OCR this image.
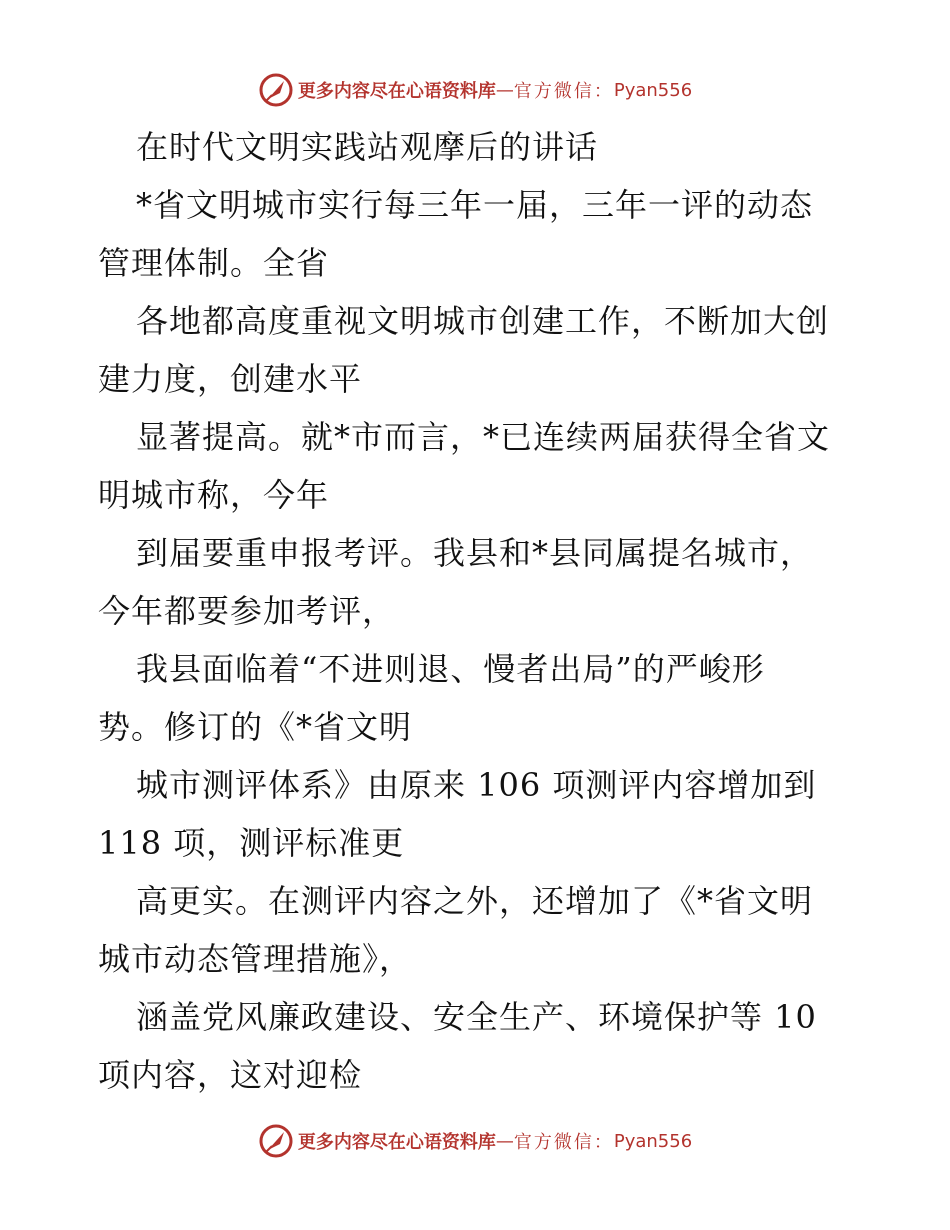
更多内容尽在心语资料库 — 官方微信： Pyan556
在时代文明实践站观摩后的讲话
*省文明城市实行每三年一届，三年一评的动态
管理体制。全省
各地都高度重视文明城市创建工作，不断加大创
建力度，创建水平
显著提高。就*市而言，*已连续两届获得全省文
明城市称，今年
到届要重申报考评。我县和*县同属提名城市，
今年都要参加考评，
我县面临着“不进则退、慢者出局”的严峻形
势。修订的《*省文明
城市测评体系》由原来 106 项测评内容增加到
118 项，测评标准更
高更实。在测评内容之外，还增加了《*省文明
城市动态管理措施》，
涵盖党风廉政建设、安全生产、环境保护等 10
项内容，这对迎检
更多内容尽在心语资料库 — 官方微信： Pyan556
